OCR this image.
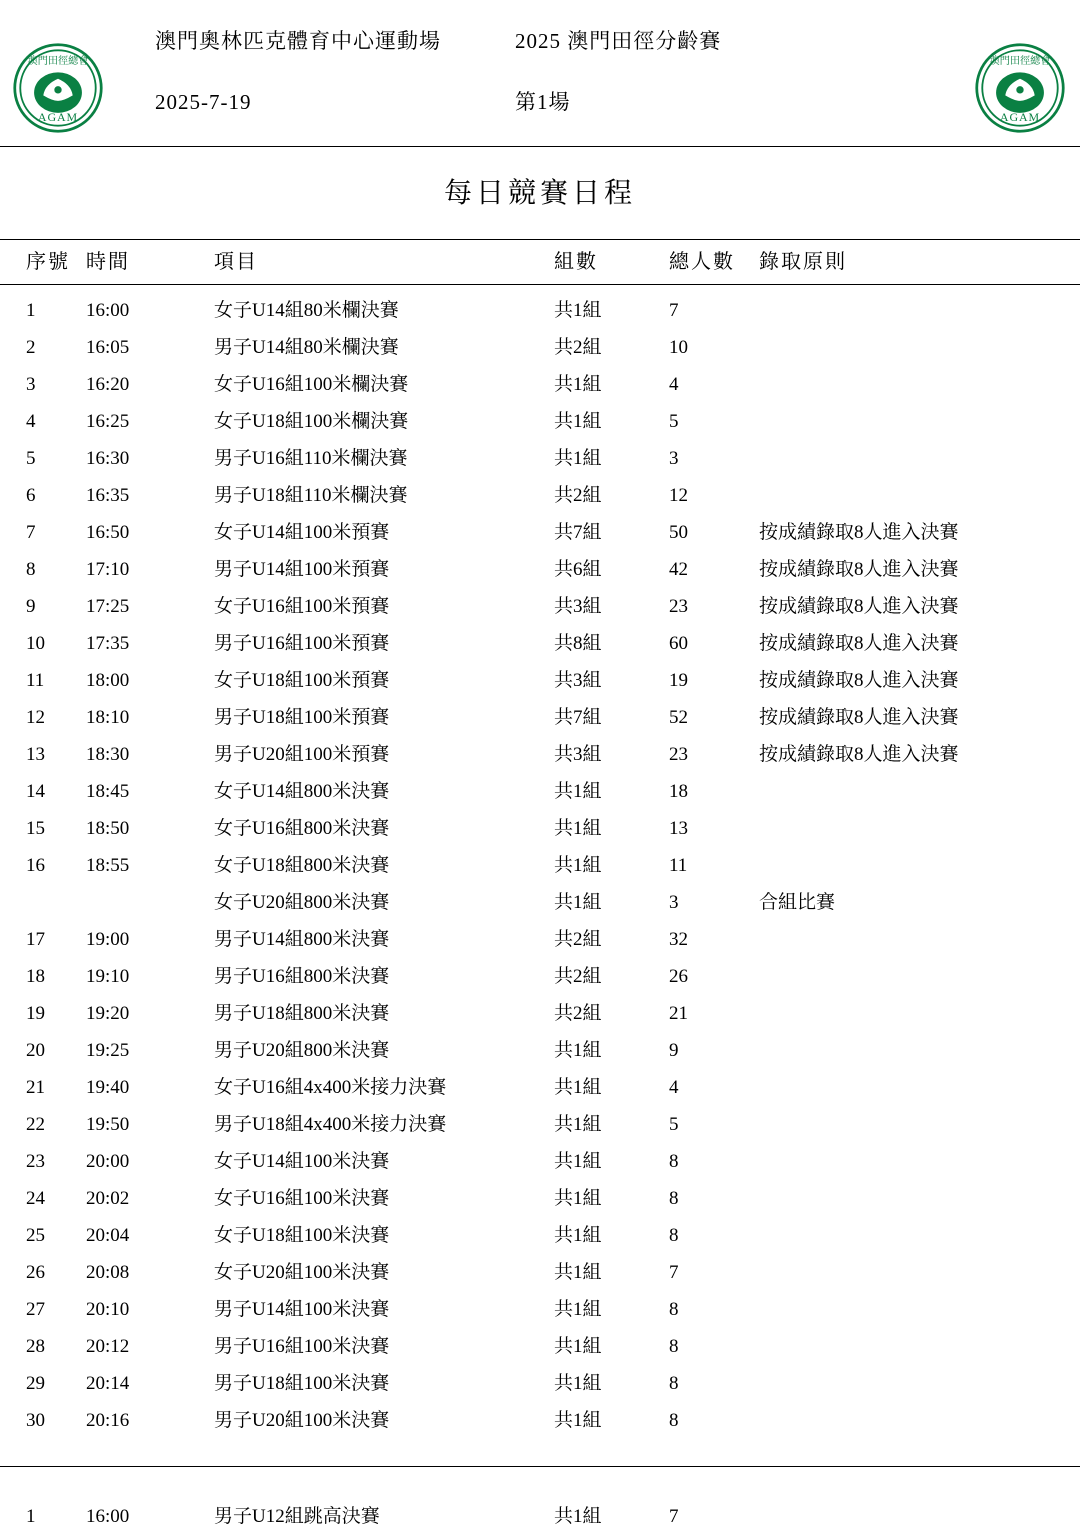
澳門田徑總會
AGAM
澳門田徑總會
AGAM
澳門奧林匹克體育中心運動場	2025 澳門田徑分齡賽
2025-7-19	第1場
每日競賽日程
序號	時間	項目	組數	總人數	錄取原則

1	16:00	女子U14組80米欄決賽	共1組	7	
2	16:05	男子U14組80米欄決賽	共2組	10	
3	16:20	女子U16組100米欄決賽	共1組	4	
4	16:25	女子U18組100米欄決賽	共1組	5	
5	16:30	男子U16組110米欄決賽	共1組	3	
6	16:35	男子U18組110米欄決賽	共2組	12	
7	16:50	女子U14組100米預賽	共7組	50	按成績錄取8人進入決賽
8	17:10	男子U14組100米預賽	共6組	42	按成績錄取8人進入決賽
9	17:25	女子U16組100米預賽	共3組	23	按成績錄取8人進入決賽
10	17:35	男子U16組100米預賽	共8組	60	按成績錄取8人進入決賽
11	18:00	女子U18組100米預賽	共3組	19	按成績錄取8人進入決賽
12	18:10	男子U18組100米預賽	共7組	52	按成績錄取8人進入決賽
13	18:30	男子U20組100米預賽	共3組	23	按成績錄取8人進入決賽
14	18:45	女子U14組800米決賽	共1組	18	
15	18:50	女子U16組800米決賽	共1組	13	
16	18:55	女子U18組800米決賽	共1組	11	
		女子U20組800米決賽	共1組	3	合組比賽
17	19:00	男子U14組800米決賽	共2組	32	
18	19:10	男子U16組800米決賽	共2組	26	
19	19:20	男子U18組800米決賽	共2組	21	
20	19:25	男子U20組800米決賽	共1組	9	
21	19:40	女子U16組4x400米接力決賽	共1組	4	
22	19:50	男子U18組4x400米接力決賽	共1組	5	
23	20:00	女子U14組100米決賽	共1組	8	
24	20:02	女子U16組100米決賽	共1組	8	
25	20:04	女子U18組100米決賽	共1組	8	
26	20:08	女子U20組100米決賽	共1組	7	
27	20:10	男子U14組100米決賽	共1組	8	
28	20:12	男子U16組100米決賽	共1組	8	
29	20:14	男子U18組100米決賽	共1組	8	
30	20:16	男子U20組100米決賽	共1組	8	

1	16:00	男子U12組跳高決賽	共1組	7	
